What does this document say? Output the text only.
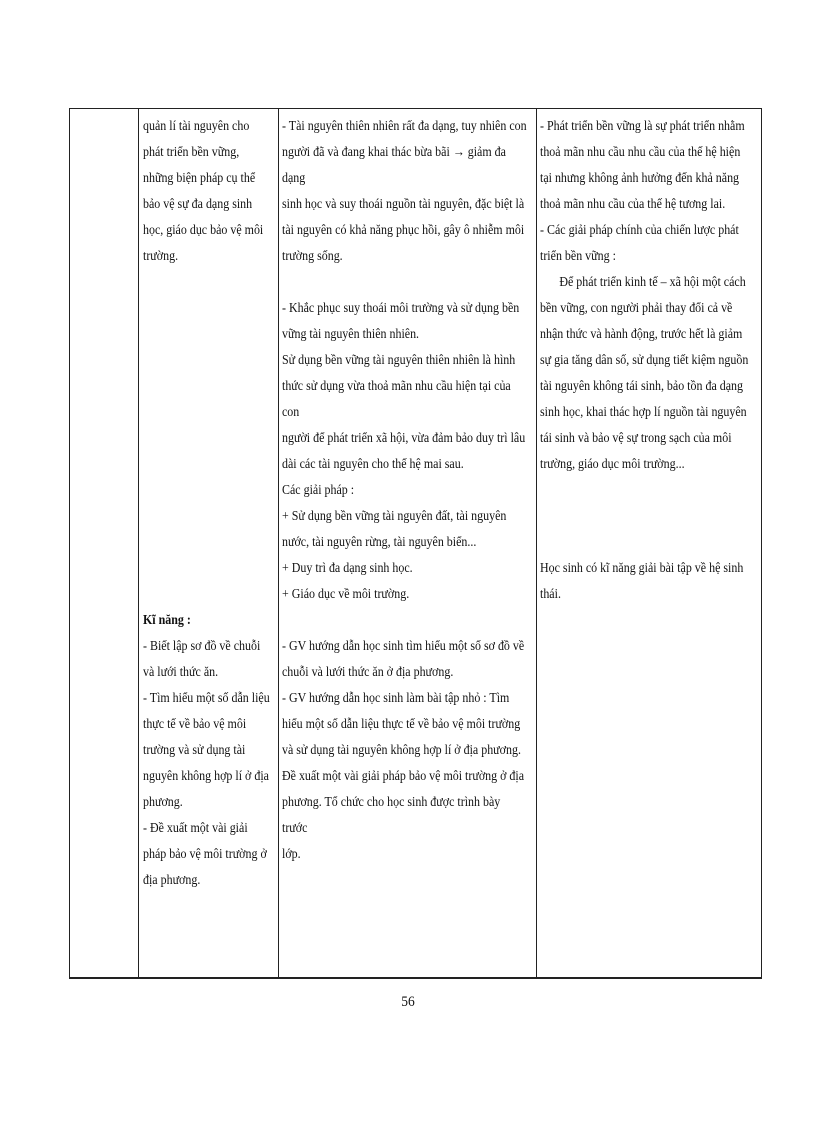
quản lí tài nguyên cho

phát triển bền vững,

những biện pháp cụ thể

bảo vệ sự đa dạng sinh

học, giáo dục bảo vệ môi

trường.

Kĩ năng :

- Biết lập sơ đồ về chuỗi

và lưới thức ăn.

- Tìm hiểu một số dẫn liệu

thực tế về bảo vệ môi

trường và sử dụng tài

nguyên không hợp lí ở địa

phương.

- Đề xuất một vài giải

pháp bảo vệ môi trường ở

địa phương.

- Tài nguyên thiên nhiên rất đa dạng, tuy nhiên con

người đã và đang khai thác bừa bãi → giảm đa dạng

sinh học và suy thoái nguồn tài nguyên, đặc biệt là

tài nguyên có khả năng phục hồi, gây ô nhiễm môi

trường sống.

- Khắc phục suy thoái môi trường và sử dụng bền

vững tài nguyên thiên nhiên.

Sử dụng bền vững tài nguyên thiên nhiên là hình

thức sử dụng vừa thoả mãn nhu cầu hiện tại của con

người để phát triển xã hội, vừa đảm bảo duy trì lâu

dài các tài nguyên cho thế hệ mai sau.

Các giải pháp :

+ Sử dụng bền vững tài nguyên đất, tài nguyên

nước, tài nguyên rừng, tài nguyên biển...

+ Duy trì đa dạng sinh học.

+ Giáo dục về môi trường.

- GV hướng dẫn học sinh tìm hiểu một số sơ đồ về

chuỗi và lưới thức ăn ở địa phương.

- GV hướng dẫn học sinh làm bài tập nhỏ : Tìm

hiểu một số dẫn liệu thực tế về bảo vệ môi trường

và sử dụng tài nguyên không hợp lí ở địa phương.

Đề xuất một vài giải pháp bảo vệ môi trường ở địa

phương. Tổ chức cho học sinh được trình bày trước

lớp.

- Phát triển bền vững là sự phát triển nhằm

thoả mãn nhu cầu nhu cầu của thế hệ hiện

tại nhưng không ảnh hưởng đến khả năng

thoả mãn nhu cầu của thế hệ tương lai.

- Các giải pháp chính của chiến lược phát

triển bền vững :

Để phát triển kinh tế – xã hội một cách

bền vững, con người phải thay đổi cả về

nhận thức và hành động, trước hết là giảm

sự gia tăng dân số, sử dụng tiết kiệm nguồn

tài nguyên không tái sinh, bảo tồn đa dạng

sinh học, khai thác hợp lí nguồn tài nguyên

tái sinh và bảo vệ sự trong sạch của môi

trường, giáo dục môi trường...

Học sinh có kĩ năng giải bài tập về hệ sinh

thái.

56
